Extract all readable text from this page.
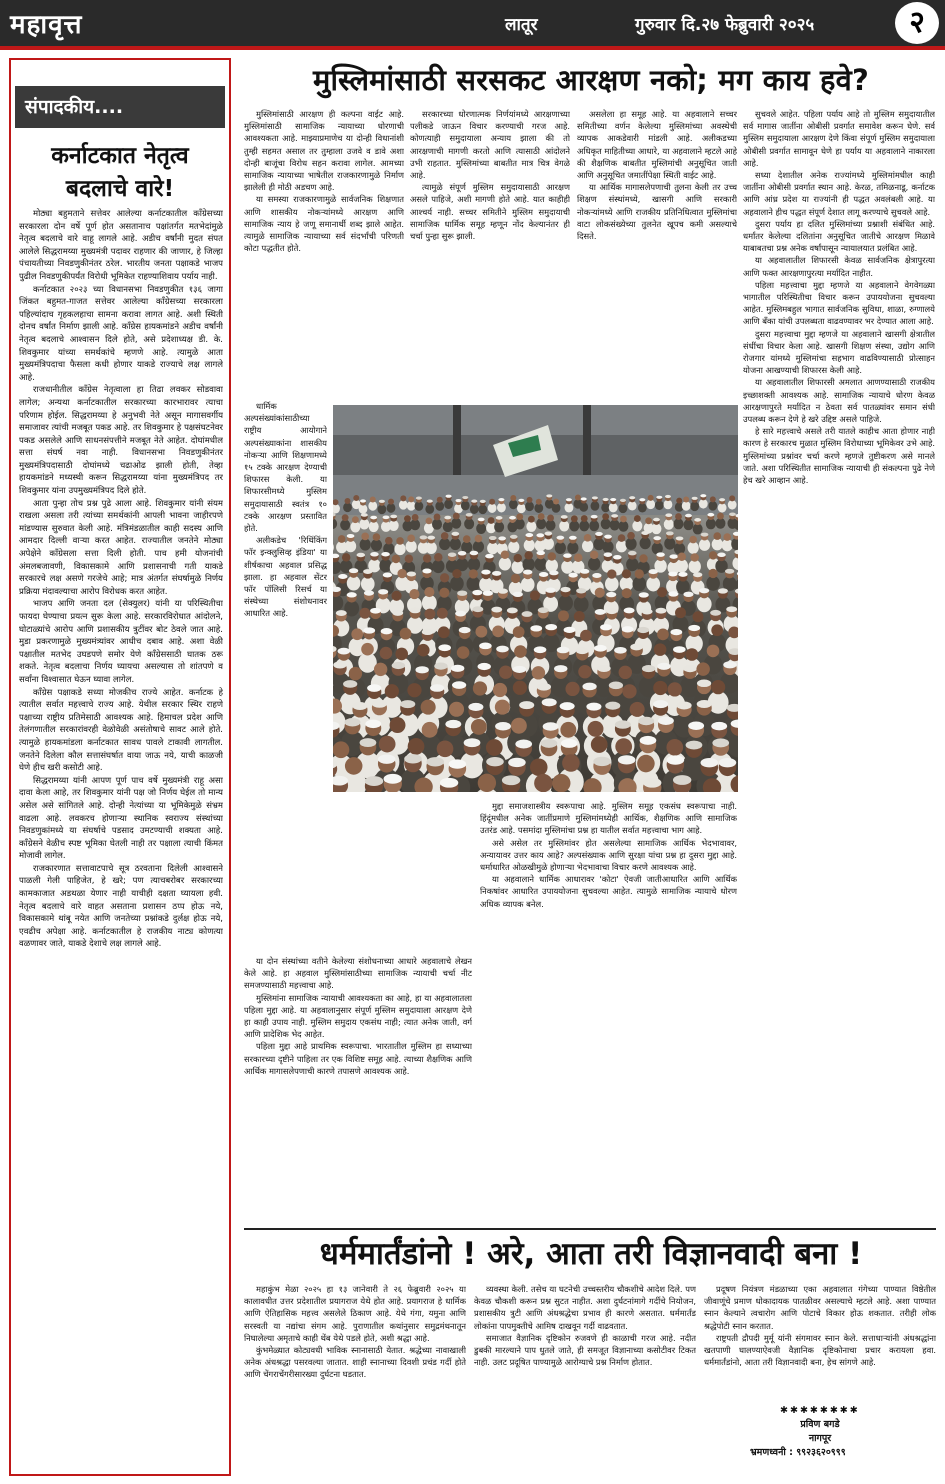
महावृत्त	लातूर	गुरुवार दि.२७ फेब्रुवारी २०२५	२
संपादकीय....
कर्नाटकात नेतृत्व
बदलाचे वारे!

मोठ्या बहुमताने सत्तेवर आलेल्या कर्नाटकातील काँग्रेसच्या सरकारला दोन वर्षे पूर्ण होत असतानाच पक्षांतर्गत मतभेदांमुळे नेतृत्व बदलाचे वारे वाहू लागले आहे. अडीच वर्षांनी मुदत संपत आलेले सिद्धरामय्या मुख्यमंत्री पदावर राहणार की जाणार, हे जिल्हा पंचायतीच्या निवडणुकीनंतर ठरेल. भारतीय जनता पक्षाकडे भाजप पुढील निवडणुकीपर्यंत विरोधी भूमिकेत राहण्याशिवाय पर्याय नाही.

कर्नाटकात २०२३ च्या विधानसभा निवडणुकीत १३६ जागा जिंकत बहुमत-गाजत सत्तेवर आलेल्या काँग्रेसच्या सरकारला पहिल्यांदाच गृहकलहाचा सामना करावा लागत आहे. अशी स्थिती दोनच वर्षांत निर्माण झाली आहे. काँग्रेस हायकमांडने अडीच वर्षांनी नेतृत्व बदलाचे आश्वासन दिले होते, असे प्रदेशाध्यक्ष डी. के. शिवकुमार यांच्या समर्थकांचे म्हणणे आहे. त्यामुळे आता मुख्यमंत्रिपदाचा फैसला कधी होणार याकडे राज्याचे लक्ष लागले आहे.

राजधानीतील काँग्रेस नेतृत्वाला हा तिढा लवकर सोडवावा लागेल; अन्यथा कर्नाटकातील सरकारच्या कारभारावर त्याचा परिणाम होईल. सिद्धरामय्या हे अनुभवी नेते असून मागासवर्गीय समाजावर त्यांची मजबूत पकड आहे. तर शिवकुमार हे पक्षसंघटनेवर पकड असलेले आणि साधनसंपत्तीने मजबूत नेते आहेत. दोघांमधील सत्ता संघर्ष नवा नाही. विधानसभा निवडणुकीनंतर मुख्यमंत्रिपदासाठी दोघांमध्ये चढाओढ झाली होती, तेव्हा हायकमांडने मध्यस्थी करून सिद्धरामय्या यांना मुख्यमंत्रिपद तर शिवकुमार यांना उपमुख्यमंत्रिपद दिले होते.

आता पुन्हा तोच प्रश्न पुढे आला आहे. शिवकुमार यांनी संयम राखला असला तरी त्यांच्या समर्थकांनी आपली भावना जाहीरपणे मांडण्यास सुरुवात केली आहे. मंत्रिमंडळातील काही सदस्य आणि आमदार दिल्ली वाऱ्या करत आहेत. राज्यातील जनतेने मोठ्या अपेक्षेने काँग्रेसला सत्ता दिली होती. पाच हमी योजनांची अंमलबजावणी, विकासकामे आणि प्रशासनाची गती याकडे सरकारचे लक्ष असणे गरजेचे आहे; मात्र अंतर्गत संघर्षामुळे निर्णय प्रक्रिया मंदावल्याचा आरोप विरोधक करत आहेत.

भाजप आणि जनता दल (सेक्युलर) यांनी या परिस्थितीचा फायदा घेण्याचा प्रयत्न सुरू केला आहे. सरकारविरोधात आंदोलने, घोटाळ्यांचे आरोप आणि प्रशासकीय त्रुटींवर बोट ठेवले जात आहे. मुडा प्रकरणामुळे मुख्यमंत्र्यांवर आधीच दबाव आहे. अशा वेळी पक्षातील मतभेद उघडपणे समोर येणे काँग्रेससाठी घातक ठरू शकते. नेतृत्व बदलाचा निर्णय घ्यायचा असल्यास तो शांतपणे व सर्वांना विश्वासात घेऊन घ्यावा लागेल.

काँग्रेस पक्षाकडे सध्या मोजकीच राज्ये आहेत. कर्नाटक हे त्यातील सर्वात महत्त्वाचे राज्य आहे. येथील सरकार स्थिर राहणे पक्षाच्या राष्ट्रीय प्रतिमेसाठी आवश्यक आहे. हिमाचल प्रदेश आणि तेलंगणातील सरकारांवरही वेळोवेळी असंतोषाचे सावट आले होते. त्यामुळे हायकमांडला कर्नाटकात सावध पावले टाकावी लागतील. जनतेने दिलेला कौल सत्तासंघर्षात वाया जाऊ नये, याची काळजी घेणे हीच खरी कसोटी आहे.

सिद्धरामय्या यांनी आपण पूर्ण पाच वर्षे मुख्यमंत्री राहू असा दावा केला आहे, तर शिवकुमार यांनी पक्ष जो निर्णय घेईल तो मान्य असेल असे सांगितले आहे. दोन्ही नेत्यांच्या या भूमिकेमुळे संभ्रम वाढला आहे. लवकरच होणाऱ्या स्थानिक स्वराज्य संस्थांच्या निवडणुकांमध्ये या संघर्षाचे पडसाद उमटण्याची शक्यता आहे. काँग्रेसने वेळीच स्पष्ट भूमिका घेतली नाही तर पक्षाला त्याची किंमत मोजावी लागेल.

राजकारणात सत्तावाटपाचे सूत्र ठरवताना दिलेली आश्वासने पाळली गेली पाहिजेत, हे खरे; पण त्याचबरोबर सरकारच्या कामकाजात अडथळा येणार नाही याचीही दक्षता घ्यायला हवी. नेतृत्व बदलाचे वारे वाहत असताना प्रशासन ठप्प होऊ नये, विकासकामे थांबू नयेत आणि जनतेच्या प्रश्नांकडे दुर्लक्ष होऊ नये, एवढीच अपेक्षा आहे. कर्नाटकातील हे राजकीय नाट्य कोणत्या वळणावर जाते, याकडे देशाचे लक्ष लागले आहे.

मुस्लिमांसाठी सरसकट आरक्षण नको; मग काय हवे?

मुस्लिमांसाठी आरक्षण ही कल्पना वाईट आहे. मुस्लिमांसाठी सामाजिक न्यायाच्या धोरणाची आवश्यकता आहे. माझ्याप्रमाणेच या दोन्ही विधानांशी तुम्ही सहमत असाल तर तुम्हाला उजवे व डावे अशा दोन्ही बाजूंचा विरोध सहन करावा लागेल. आमच्या सामाजिक न्यायाच्या भाषेतील राजकारणामुळे निर्माण झालेली ही मोठी अडचण आहे.

या समस्या राजकारणामुळे सार्वजनिक शिक्षणात आणि शासकीय नोकऱ्यांमध्ये आरक्षण आणि सामाजिक न्याय हे जणू समानार्थी शब्द झाले आहेत. त्यामुळे सामाजिक न्यायाच्या सर्व संदर्भांची परिणती कोटा पद्धतीत होते.

सरकारच्या धोरणात्मक निर्णयांमध्ये आरक्षणाच्या पलीकडे जाऊन विचार करण्याची गरज आहे. कोणत्याही समुदायाला अन्याय झाला की तो आरक्षणाची मागणी करतो आणि त्यासाठी आंदोलने उभी राहतात. मुस्लिमांच्या बाबतीत मात्र चित्र वेगळे आहे.

त्यामुळे संपूर्ण मुस्लिम समुदायासाठी आरक्षण असले पाहिजे, अशी मागणी होते आहे. यात काहीही आश्चर्य नाही. सच्चर समितीने मुस्लिम समुदायाची सामाजिक धार्मिक समूह म्हणून नोंद केल्यानंतर ही चर्चा पुन्हा सुरू झाली.

असलेला हा समूह आहे. या अहवालाने सच्चर समितीच्या वर्णन केलेल्या मुस्लिमांच्या अवस्थेची व्यापक आकडेवारी मांडली आहे. अलीकडच्या अधिकृत माहितीच्या आधारे, या अहवालाने म्हटले आहे की शैक्षणिक बाबतीत मुस्लिमांची अनुसूचित जाती आणि अनुसूचित जमातींपेक्षा स्थिती वाईट आहे.

या आर्थिक मागासलेपणाची तुलना केली तर उच्च शिक्षण संस्थांमध्ये, खासगी आणि सरकारी नोकऱ्यांमध्ये आणि राजकीय प्रतिनिधित्वात मुस्लिमांचा वाटा लोकसंख्येच्या तुलनेत खूपच कमी असल्याचे दिसते.

सुचवले आहेत. पहिला पर्याय आहे तो मुस्लिम समुदायातील सर्व मागास जातींना ओबीसी प्रवर्गात समावेश करून घेणे. सर्व मुस्लिम समुदायाला आरक्षण देणे किंवा संपूर्ण मुस्लिम समुदायाला ओबीसी प्रवर्गात सामावून घेणे हा पर्याय या अहवालाने नाकारला आहे.

सध्या देशातील अनेक राज्यांमध्ये मुस्लिमांमधील काही जातींना ओबीसी प्रवर्गात स्थान आहे. केरळ, तमिळनाडू, कर्नाटक आणि आंध्र प्रदेश या राज्यांनी ही पद्धत अवलंबली आहे. या अहवालाने हीच पद्धत संपूर्ण देशात लागू करण्याचे सुचवले आहे.

दुसरा पर्याय हा दलित मुस्लिमांच्या प्रश्नाशी संबंधित आहे. धर्मांतर केलेल्या दलितांना अनुसूचित जातीचे आरक्षण मिळावे याबाबतचा प्रश्न अनेक वर्षांपासून न्यायालयात प्रलंबित आहे.

या अहवालातील शिफारसी केवळ सार्वजनिक क्षेत्रापुरत्या आणि फक्त आरक्षणापुरत्या मर्यादित नाहीत.

पहिला महत्त्वाचा मुद्दा म्हणजे या अहवालाने वेगवेगळ्या भागातील परिस्थितीचा विचार करून उपाययोजना सुचवल्या आहेत. मुस्लिमबहुल भागात सार्वजनिक सुविधा, शाळा, रुग्णालये आणि बँका यांची उपलब्धता वाढवण्यावर भर देण्यात आला आहे.

दुसरा महत्त्वाचा मुद्दा म्हणजे या अहवालाने खासगी क्षेत्रातील संधींचा विचार केला आहे. खासगी शिक्षण संस्था, उद्योग आणि रोजगार यांमध्ये मुस्लिमांचा सहभाग वाढविण्यासाठी प्रोत्साहन योजना आखण्याची शिफारस केली आहे.

या अहवालातील शिफारसी अमलात आणण्यासाठी राजकीय इच्छाशक्ती आवश्यक आहे. सामाजिक न्यायाचे धोरण केवळ आरक्षणापुरते मर्यादित न ठेवता सर्व पातळ्यांवर समान संधी उपलब्ध करून देणे हे खरे उद्दिष्ट असले पाहिजे.

हे सारे महत्त्वाचे असले तरी यातले काहीच आता होणार नाही कारण हे सरकारच मुळात मुस्लिम विरोधाच्या भूमिकेवर उभे आहे. मुस्लिमांच्या प्रश्नांवर चर्चा करणे म्हणजे तुष्टीकरण असे मानले जाते. अशा परिस्थितीत सामाजिक न्यायाची ही संकल्पना पुढे नेणे हेच खरे आव्हान आहे.

धार्मिक अल्पसंख्यांकांसाठीच्या राष्ट्रीय आयोगाने अल्पसंख्याकांना शासकीय नोकऱ्या आणि शिक्षणामध्ये १५ टक्के आरक्षण देण्याची शिफारस केली. या शिफारसीमध्ये मुस्लिम समुदायासाठी स्वतंत्र १० टक्के आरक्षण प्रस्तावित होते.

अलीकडेच 'रिथिंकिंग फॉर इन्क्लुसिव्ह इंडिया' या शीर्षकाचा अहवाल प्रसिद्ध झाला. हा अहवाल सेंटर फॉर पॉलिसी रिसर्च या संस्थेच्या संशोधनावर आधारित आहे.

या दोन संस्थांच्या वतीने केलेल्या संशोधनाच्या आधारे अहवालाचे लेखन केले आहे. हा अहवाल मुस्लिमांसाठीच्या सामाजिक न्यायाची चर्चा नीट समजण्यासाठी महत्त्वाचा आहे.

मुस्लिमांना सामाजिक न्यायाची आवश्यकता का आहे, हा या अहवालातला पहिला मुद्दा आहे. या अहवालानुसार संपूर्ण मुस्लिम समुदायाला आरक्षण देणे हा काही उपाय नाही. मुस्लिम समुदाय एकसंध नाही; त्यात अनेक जाती, वर्ग आणि प्रादेशिक भेद आहेत.

पहिला मुद्दा आहे प्राथमिक स्वरूपाचा. भारतातील मुस्लिम हा सध्याच्या सरकारच्या दृष्टीने पाहिला तर एक विशिष्ट समूह आहे. त्याच्या शैक्षणिक आणि आर्थिक मागासलेपणाची कारणे तपासणे आवश्यक आहे.

मुद्दा समाजशास्त्रीय स्वरूपाचा आहे. मुस्लिम समूह एकसंध स्वरूपाचा नाही. हिंदूंमधील अनेक जातींप्रमाणे मुस्लिमांमध्येही आर्थिक, शैक्षणिक आणि सामाजिक उतरंड आहे. पसमांदा मुस्लिमांचा प्रश्न हा यातील सर्वात महत्त्वाचा भाग आहे.

असे असेल तर मुस्लिमांवर होत असलेल्या सामाजिक आर्थिक भेदभावावर, अन्यायावर उत्तर काय आहे? अल्पसंख्याक आणि सुरक्षा यांचा प्रश्न हा दुसरा मुद्दा आहे. धर्माधारित ओळखीमुळे होणाऱ्या भेदभावाचा विचार करणे आवश्यक आहे.

या अहवालाने धार्मिक आधारावर 'कोटा' ऐवजी जातीआधारित आणि आर्थिक निकषांवर आधारित उपाययोजना सुचवल्या आहेत. त्यामुळे सामाजिक न्यायाचे धोरण अधिक व्यापक बनेल.

धर्ममार्तंडांनो ! अरे, आता तरी विज्ञानवादी बना !

महाकुंभ मेळा २०२५ हा १३ जानेवारी ते २६ फेब्रुवारी २०२५ या कालावधीत उत्तर प्रदेशातील प्रयागराज येथे होत आहे. प्रयागराज हे धार्मिक आणि ऐतिहासिक महत्त्व असलेले ठिकाण आहे. येथे गंगा, यमुना आणि सरस्वती या नद्यांचा संगम आहे. पुराणातील कथांनुसार समुद्रमंथनातून निघालेल्या अमृताचे काही थेंब येथे पडले होते, अशी श्रद्धा आहे.

कुंभमेळ्यात कोट्यवधी भाविक स्नानासाठी येतात. श्रद्धेच्या नावाखाली अनेक अंधश्रद्धा पसरवल्या जातात. शाही स्नानाच्या दिवशी प्रचंड गर्दी होते आणि चेंगराचेंगरीसारख्या दुर्घटना घडतात.

व्यवस्था केली. तसेच या घटनेची उच्चस्तरीय चौकशीचे आदेश दिले. पण केवळ चौकशी करून प्रश्न सुटत नाहीत. अशा दुर्घटनांमागे गर्दीचे नियोजन, प्रशासकीय त्रुटी आणि अंधश्रद्धेचा प्रभाव ही कारणे असतात. धर्ममार्तंड लोकांना पापमुक्तीचे आमिष दाखवून गर्दी वाढवतात.

समाजात वैज्ञानिक दृष्टिकोन रुजवणे ही काळाची गरज आहे. नदीत डुबकी मारल्याने पाप धुतले जाते, ही समजूत विज्ञानाच्या कसोटीवर टिकत नाही. उलट प्रदूषित पाण्यामुळे आरोग्याचे प्रश्न निर्माण होतात.

प्रदूषण नियंत्रण मंडळाच्या एका अहवालात गंगेच्या पाण्यात विष्ठेतील जीवाणूंचे प्रमाण धोकादायक पातळीवर असल्याचे म्हटले आहे. अशा पाण्यात स्नान केल्याने त्वचारोग आणि पोटाचे विकार होऊ शकतात. तरीही लोक श्रद्धेपोटी स्नान करतात.

राष्ट्रपती द्रौपदी मुर्मू यांनी संगमावर स्नान केले. सत्ताधाऱ्यांनी अंधश्रद्धांना खतपाणी घालण्याऐवजी वैज्ञानिक दृष्टिकोनाचा प्रचार करायला हवा. धर्ममार्तंडांनो, आता तरी विज्ञानवादी बना, हेच सांगणे आहे.

✱✱✱✱✱✱✱✱
प्रविण बगडे
नागपूर
भ्रमणध्वनी : ९९२३६२०९९९
